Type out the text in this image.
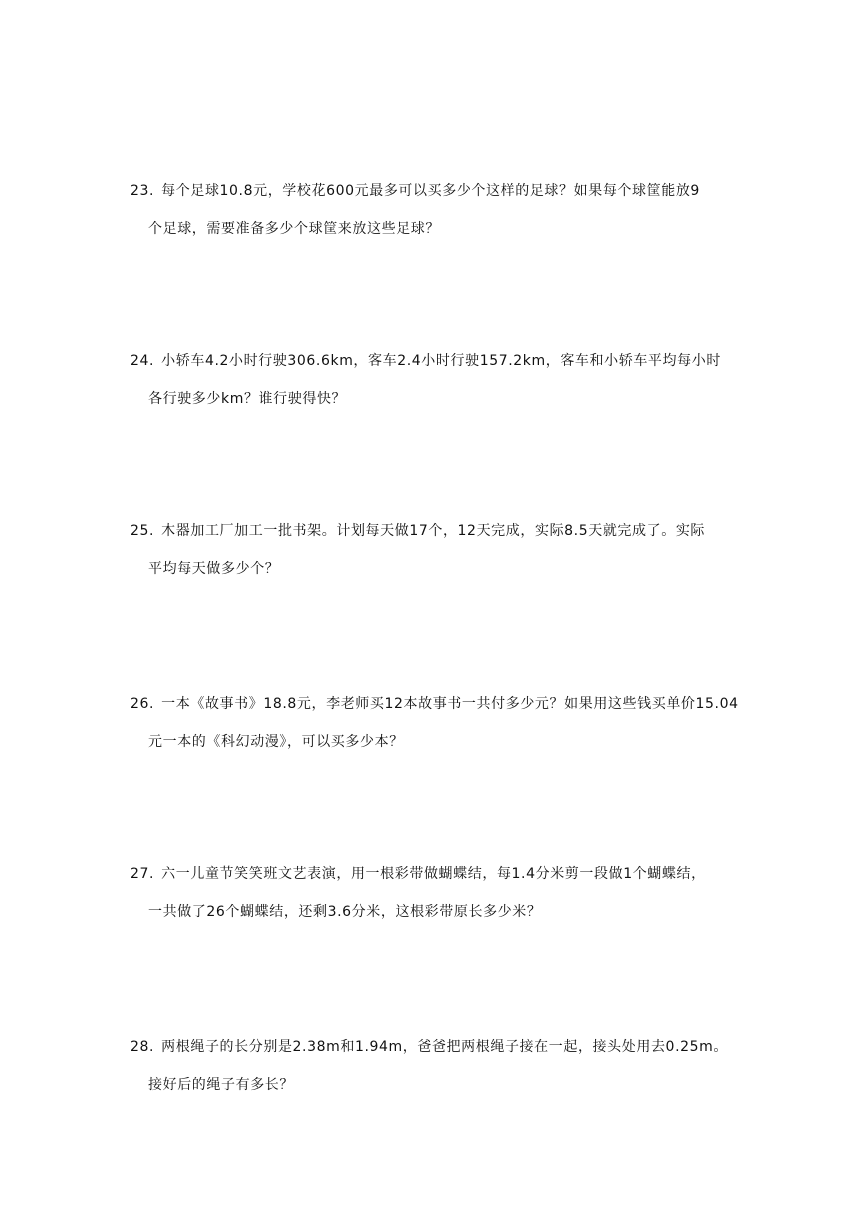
23. 每个足球10.8元，学校花600元最多可以买多少个这样的足球？如果每个球筐能放9
个足球，需要准备多少个球筐来放这些足球？
24. 小轿车4.2小时行驶306.6km，客车2.4小时行驶157.2km，客车和小轿车平均每小时
各行驶多少km？谁行驶得快？
25. 木器加工厂加工一批书架。计划每天做17个，12天完成，实际8.5天就完成了。实际
平均每天做多少个？
26. 一本《故事书》18.8元，李老师买12本故事书一共付多少元？如果用这些钱买单价15.04
元一本的《科幻动漫》，可以买多少本？
27. 六一儿童节笑笑班文艺表演，用一根彩带做蝴蝶结，每1.4分米剪一段做1个蝴蝶结，
一共做了26个蝴蝶结，还剩3.6分米，这根彩带原长多少米？
28. 两根绳子的长分别是2.38m和1.94m，爸爸把两根绳子接在一起，接头处用去0.25m。
接好后的绳子有多长？
